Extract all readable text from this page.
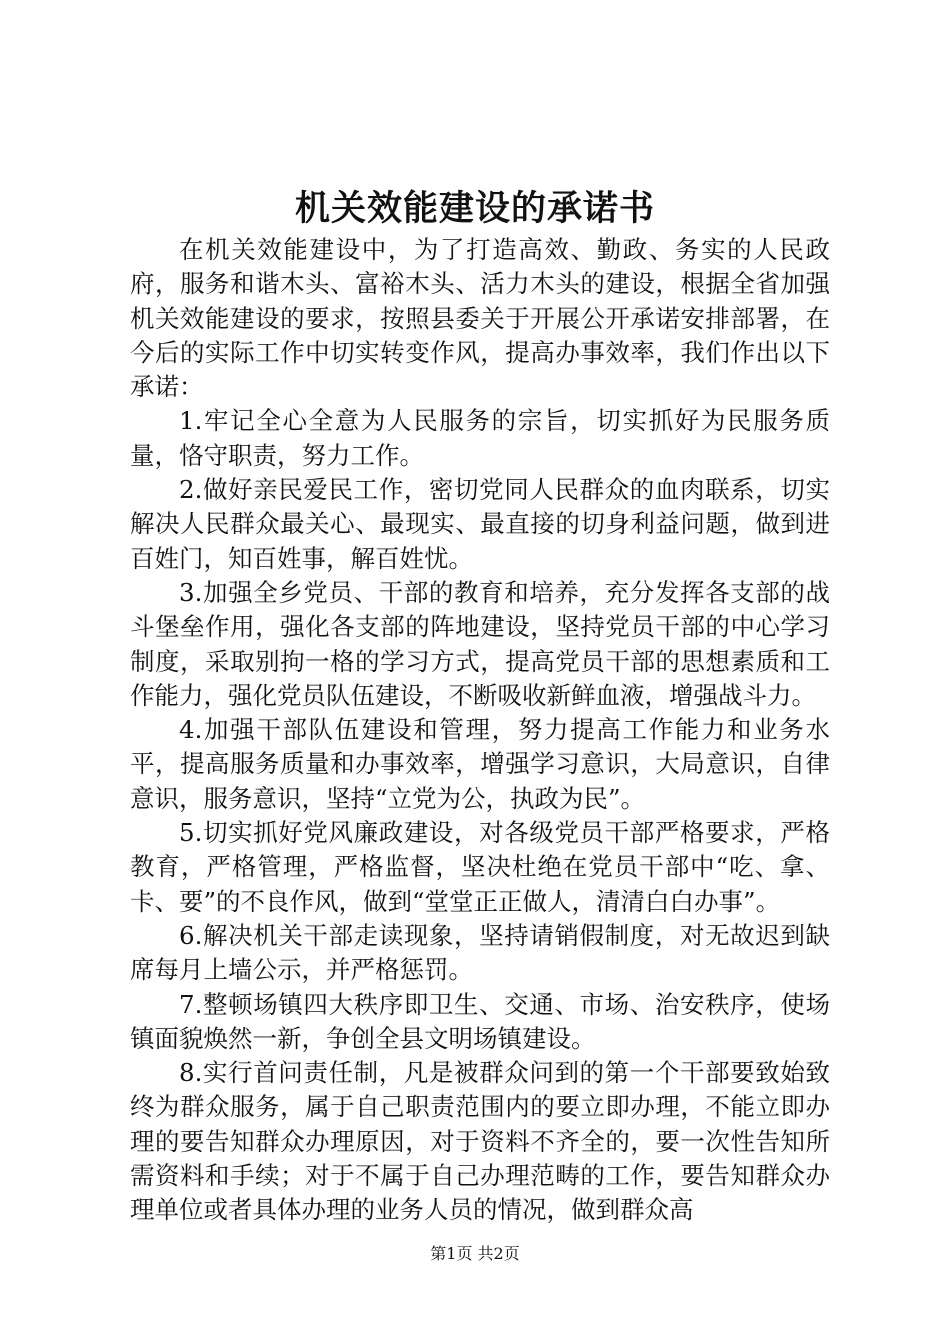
机关效能建设的承诺书

在机关效能建设中，为了打造高效、勤政、务实的人民政府，服务和谐木头、富裕木头、活力木头的建设，根据全省加强机关效能建设的要求，按照县委关于开展公开承诺安排部署，在今后的实际工作中切实转变作风，提高办事效率，我们作出以下承诺：

1.牢记全心全意为人民服务的宗旨，切实抓好为民服务质量，恪守职责，努力工作。

2.做好亲民爱民工作，密切党同人民群众的血肉联系，切实解决人民群众最关心、最现实、最直接的切身利益问题，做到进百姓门，知百姓事，解百姓忧。

3.加强全乡党员、干部的教育和培养，充分发挥各支部的战斗堡垒作用，强化各支部的阵地建设，坚持党员干部的中心学习制度，采取别拘一格的学习方式，提高党员干部的思想素质和工作能力，强化党员队伍建设，不断吸收新鲜血液，增强战斗力。

4.加强干部队伍建设和管理，努力提高工作能力和业务水平，提高服务质量和办事效率，增强学习意识，大局意识，自律意识，服务意识，坚持“立党为公，执政为民”。

5.切实抓好党风廉政建设，对各级党员干部严格要求，严格教育，严格管理，严格监督，坚决杜绝在党员干部中“吃、拿、卡、要”的不良作风，做到“堂堂正正做人，清清白白办事”。

6.解决机关干部走读现象，坚持请销假制度，对无故迟到缺席每月上墙公示，并严格惩罚。

7.整顿场镇四大秩序即卫生、交通、市场、治安秩序，使场镇面貌焕然一新，争创全县文明场镇建设。

8.实行首问责任制，凡是被群众问到的第一个干部要致始致终为群众服务，属于自己职责范围内的要立即办理，不能立即办理的要告知群众办理原因，对于资料不齐全的，要一次性告知所需资料和手续；对于不属于自己办理范畴的工作，要告知群众办理单位或者具体办理的业务人员的情况，做到群众高

第1页 共2页
